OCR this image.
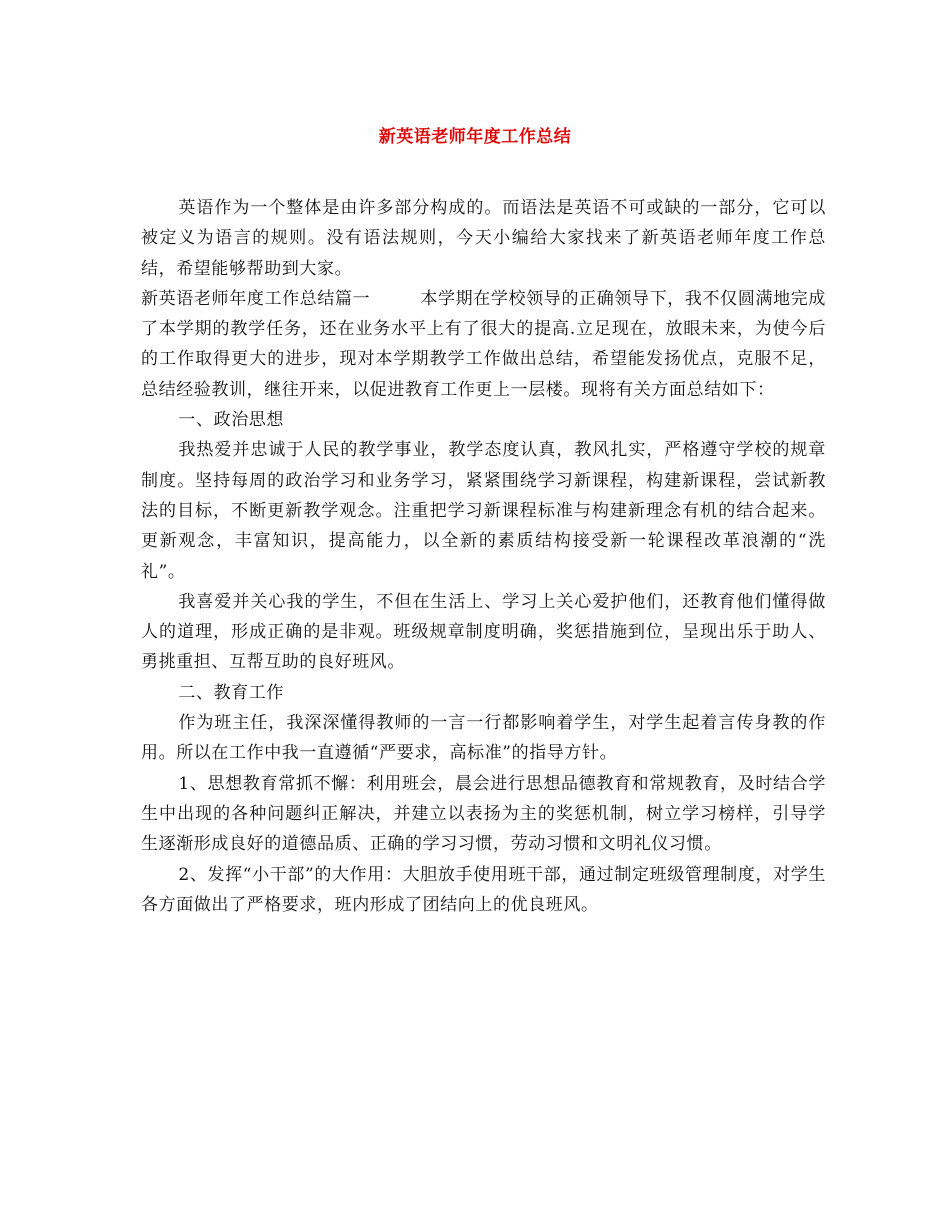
新英语老师年度工作总结

英语作为一个整体是由许多部分构成的。而语法是英语不可或缺的一部分，它可以被定义为语言的规则。没有语法规则，今天小编给大家找来了新英语老师年度工作总结，希望能够帮助到大家。

新英语老师年度工作总结篇一	本学期在学校领导的正确领导下，我不仅圆满地完成了本学期的教学任务，还在业务水平上有了很大的提高.立足现在，放眼未来，为使今后的工作取得更大的进步，现对本学期教学工作做出总结，希望能发扬优点，克服不足，总结经验教训，继往开来，以促进教育工作更上一层楼。现将有关方面总结如下：

一、政治思想

我热爱并忠诚于人民的教学事业，教学态度认真，教风扎实，严格遵守学校的规章制度。坚持每周的政治学习和业务学习，紧紧围绕学习新课程，构建新课程，尝试新教法的目标，不断更新教学观念。注重把学习新课程标准与构建新理念有机的结合起来。更新观念，丰富知识，提高能力，以全新的素质结构接受新一轮课程改革浪潮的“洗礼”。

我喜爱并关心我的学生，不但在生活上、学习上关心爱护他们，还教育他们懂得做人的道理，形成正确的是非观。班级规章制度明确，奖惩措施到位，呈现出乐于助人、勇挑重担、互帮互助的良好班风。

二、教育工作

作为班主任，我深深懂得教师的一言一行都影响着学生，对学生起着言传身教的作用。所以在工作中我一直遵循“严要求，高标准”的指导方针。

1、思想教育常抓不懈：利用班会，晨会进行思想品德教育和常规教育，及时结合学生中出现的各种问题纠正解决，并建立以表扬为主的奖惩机制，树立学习榜样，引导学生逐渐形成良好的道德品质、正确的学习习惯，劳动习惯和文明礼仪习惯。

2、发挥“小干部”的大作用：大胆放手使用班干部，通过制定班级管理制度，对学生各方面做出了严格要求，班内形成了团结向上的优良班风。
